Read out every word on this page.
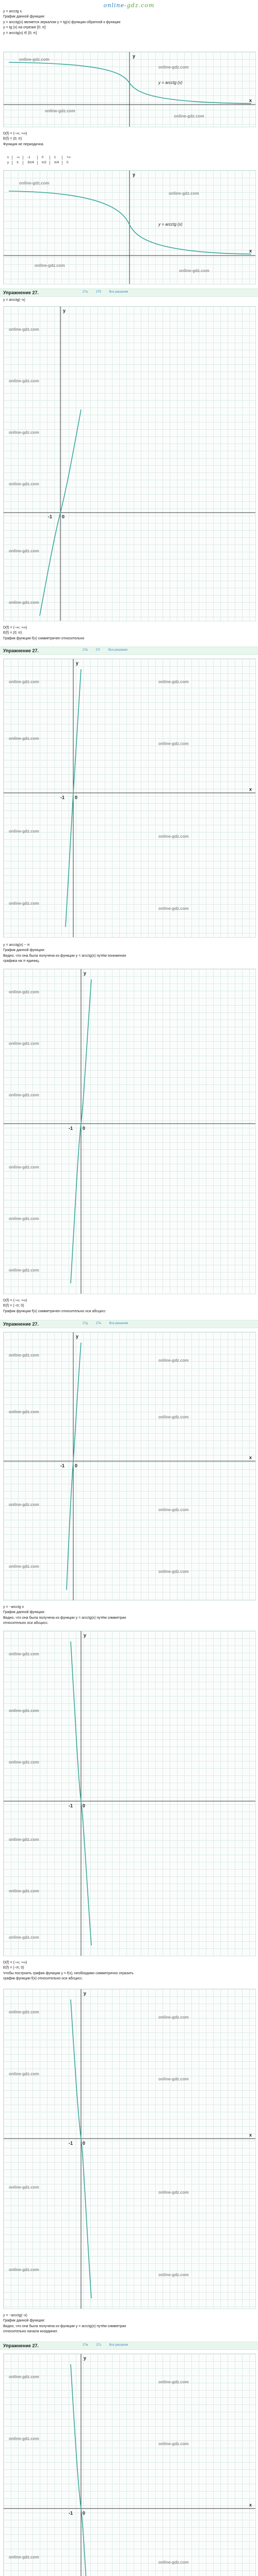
online-gdz.com

y = arcctg x.

График данной функции:

y = arcctg(x) является зеркалом y = tg(x) функции обратной к функции

y = tg (x) на отрезке [0; π]

y = arcctg(x) ∈ [0; π]

y
x
y = arcctg (x)
online-gdz.com
online-gdz.com
online-gdz.com
online-gdz.com

D(f) = (−∞; +∞)

E(f) = (0; π)

Функция не периодична

x	-∞	-1	0	1	+∞
y	π	3π/4	π/2	π/4	0
y
x
y = arcctg (x)
online-gdz.com
online-gdz.com
online-gdz.com
online-gdz.com
Упражнение 27.	27а	27б	Все решения

y = arcctg(−x)

y
-1 0
online-gdz.com
online-gdz.com
online-gdz.com
online-gdz.com
online-gdz.com
online-gdz.com

D(f) = (−∞; +∞)

E(f) = (0; π)

График функции f(x) симметричен относительно

Упражнение 27.	27в	27г	Все решения
y
-1 0
x
online-gdz.com	online-gdz.com
online-gdz.com
online-gdz.com
online-gdz.com
online-gdz.com
online-gdz.com
online-gdz.com

y = arcctg(x) − π

График данной функции:

Видно, что она была получена из функции y = arcctg(x) путём понижения

графика на π единиц.

y
-1 0
online-gdz.com
online-gdz.com
online-gdz.com
online-gdz.com
online-gdz.com
online-gdz.com

D(f) = (−∞; +∞)

E(f) = (−π; 0)

График функции f(x) симметричен относительно оси абсцисс

Упражнение 27.	27д	27е	Все решения
y
-1 0
x
online-gdz.com
online-gdz.com
online-gdz.com
online-gdz.com
online-gdz.com
online-gdz.com
online-gdz.com
online-gdz.com

y = −arcctg x

График данной функции:

Видно, что она была получена из функции y = arcctg(x) путём симметрии

относительно оси абсцисс.

y
-1 0
online-gdz.com
online-gdz.com
online-gdz.com
online-gdz.com
online-gdz.com
online-gdz.com

D(f) = (−∞; +∞)

E(f) = (−π; 0)

Чтобы построить график функции y = f(x), необходимо симметрично отразить

график функции f(x) относительно оси абсцисс.

y
-1 0
x
online-gdz.com
online-gdz.com
online-gdz.com
online-gdz.com
online-gdz.com
online-gdz.com
online-gdz.com
online-gdz.com

y = −arcctg(−x)

График данной функции:

Видно, что она была получена из функции y = arcctg(x) путём симметрии

относительно начала координат.

Упражнение 27.	27ж	27з	Все решения
y
-1 0
x
online-gdz.com
online-gdz.com
online-gdz.com
online-gdz.com
online-gdz.com
online-gdz.com
